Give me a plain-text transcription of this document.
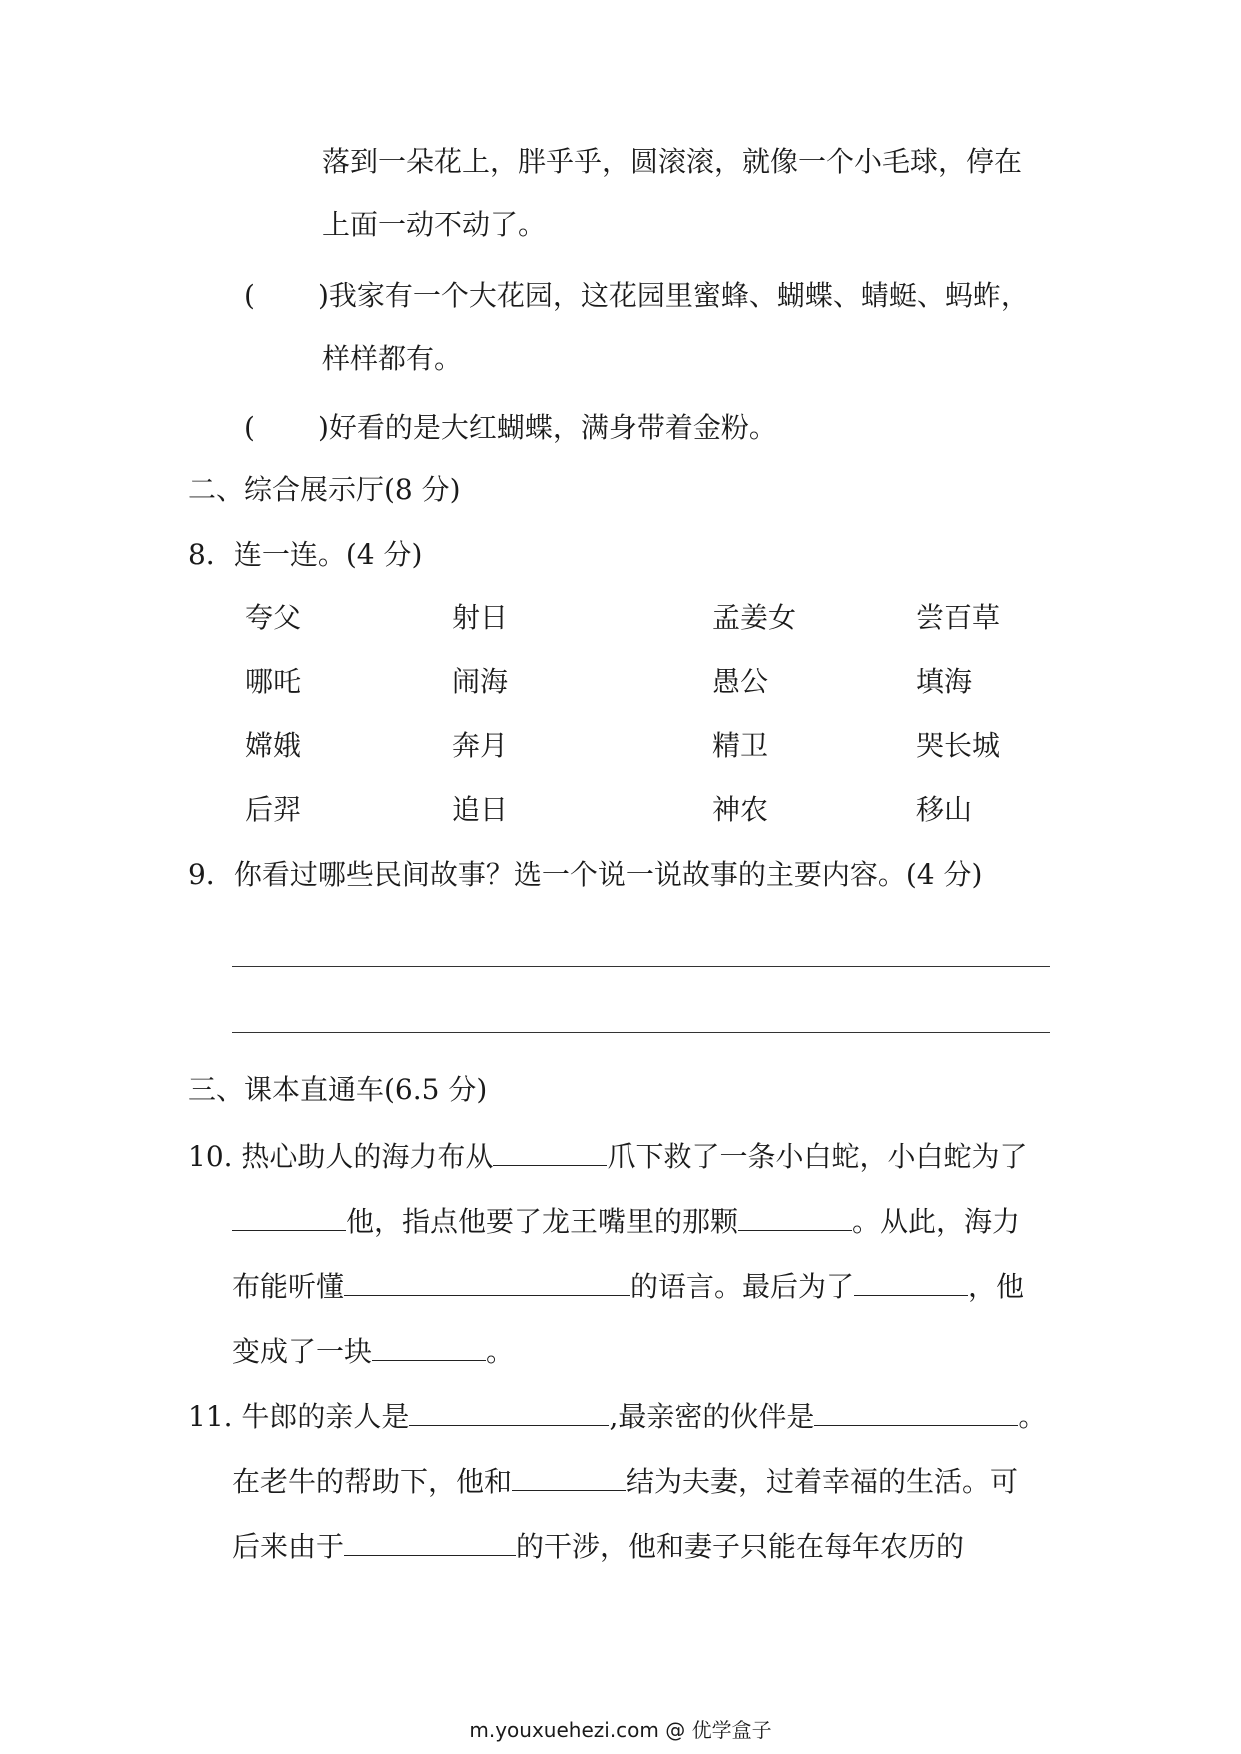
落到一朵花上，胖乎乎，圆滚滚，就像一个小毛球，停在
上面一动不动了。
( )我家有一个大花园，这花园里蜜蜂、蝴蝶、蜻蜓、蚂蚱，
样样都有。
( )好看的是大红蝴蝶，满身带着金粉。
二、综合展示厅(8 分)
8．连一连。(4 分)
夸父	射日	孟姜女	尝百草
哪吒	闹海	愚公	填海
嫦娥	奔月	精卫	哭长城
后羿	追日	神农	移山
9．你看过哪些民间故事？选一个说一说故事的主要内容。(4 分)
三、课本直通车(6.5 分)
10. 热心助人的海力布从	爪下救了一条小白蛇，小白蛇为了
他，指点他要了龙王嘴里的那颗	。从此，海力
布能听懂	的语言。最后为了	，他
变成了一块	。
11. 牛郎的亲人是	,最亲密的伙伴是	。
在老牛的帮助下，他和	结为夫妻，过着幸福的生活。可
后来由于	的干涉，他和妻子只能在每年农历的
m.youxuehezi.com @ 优学盒子
